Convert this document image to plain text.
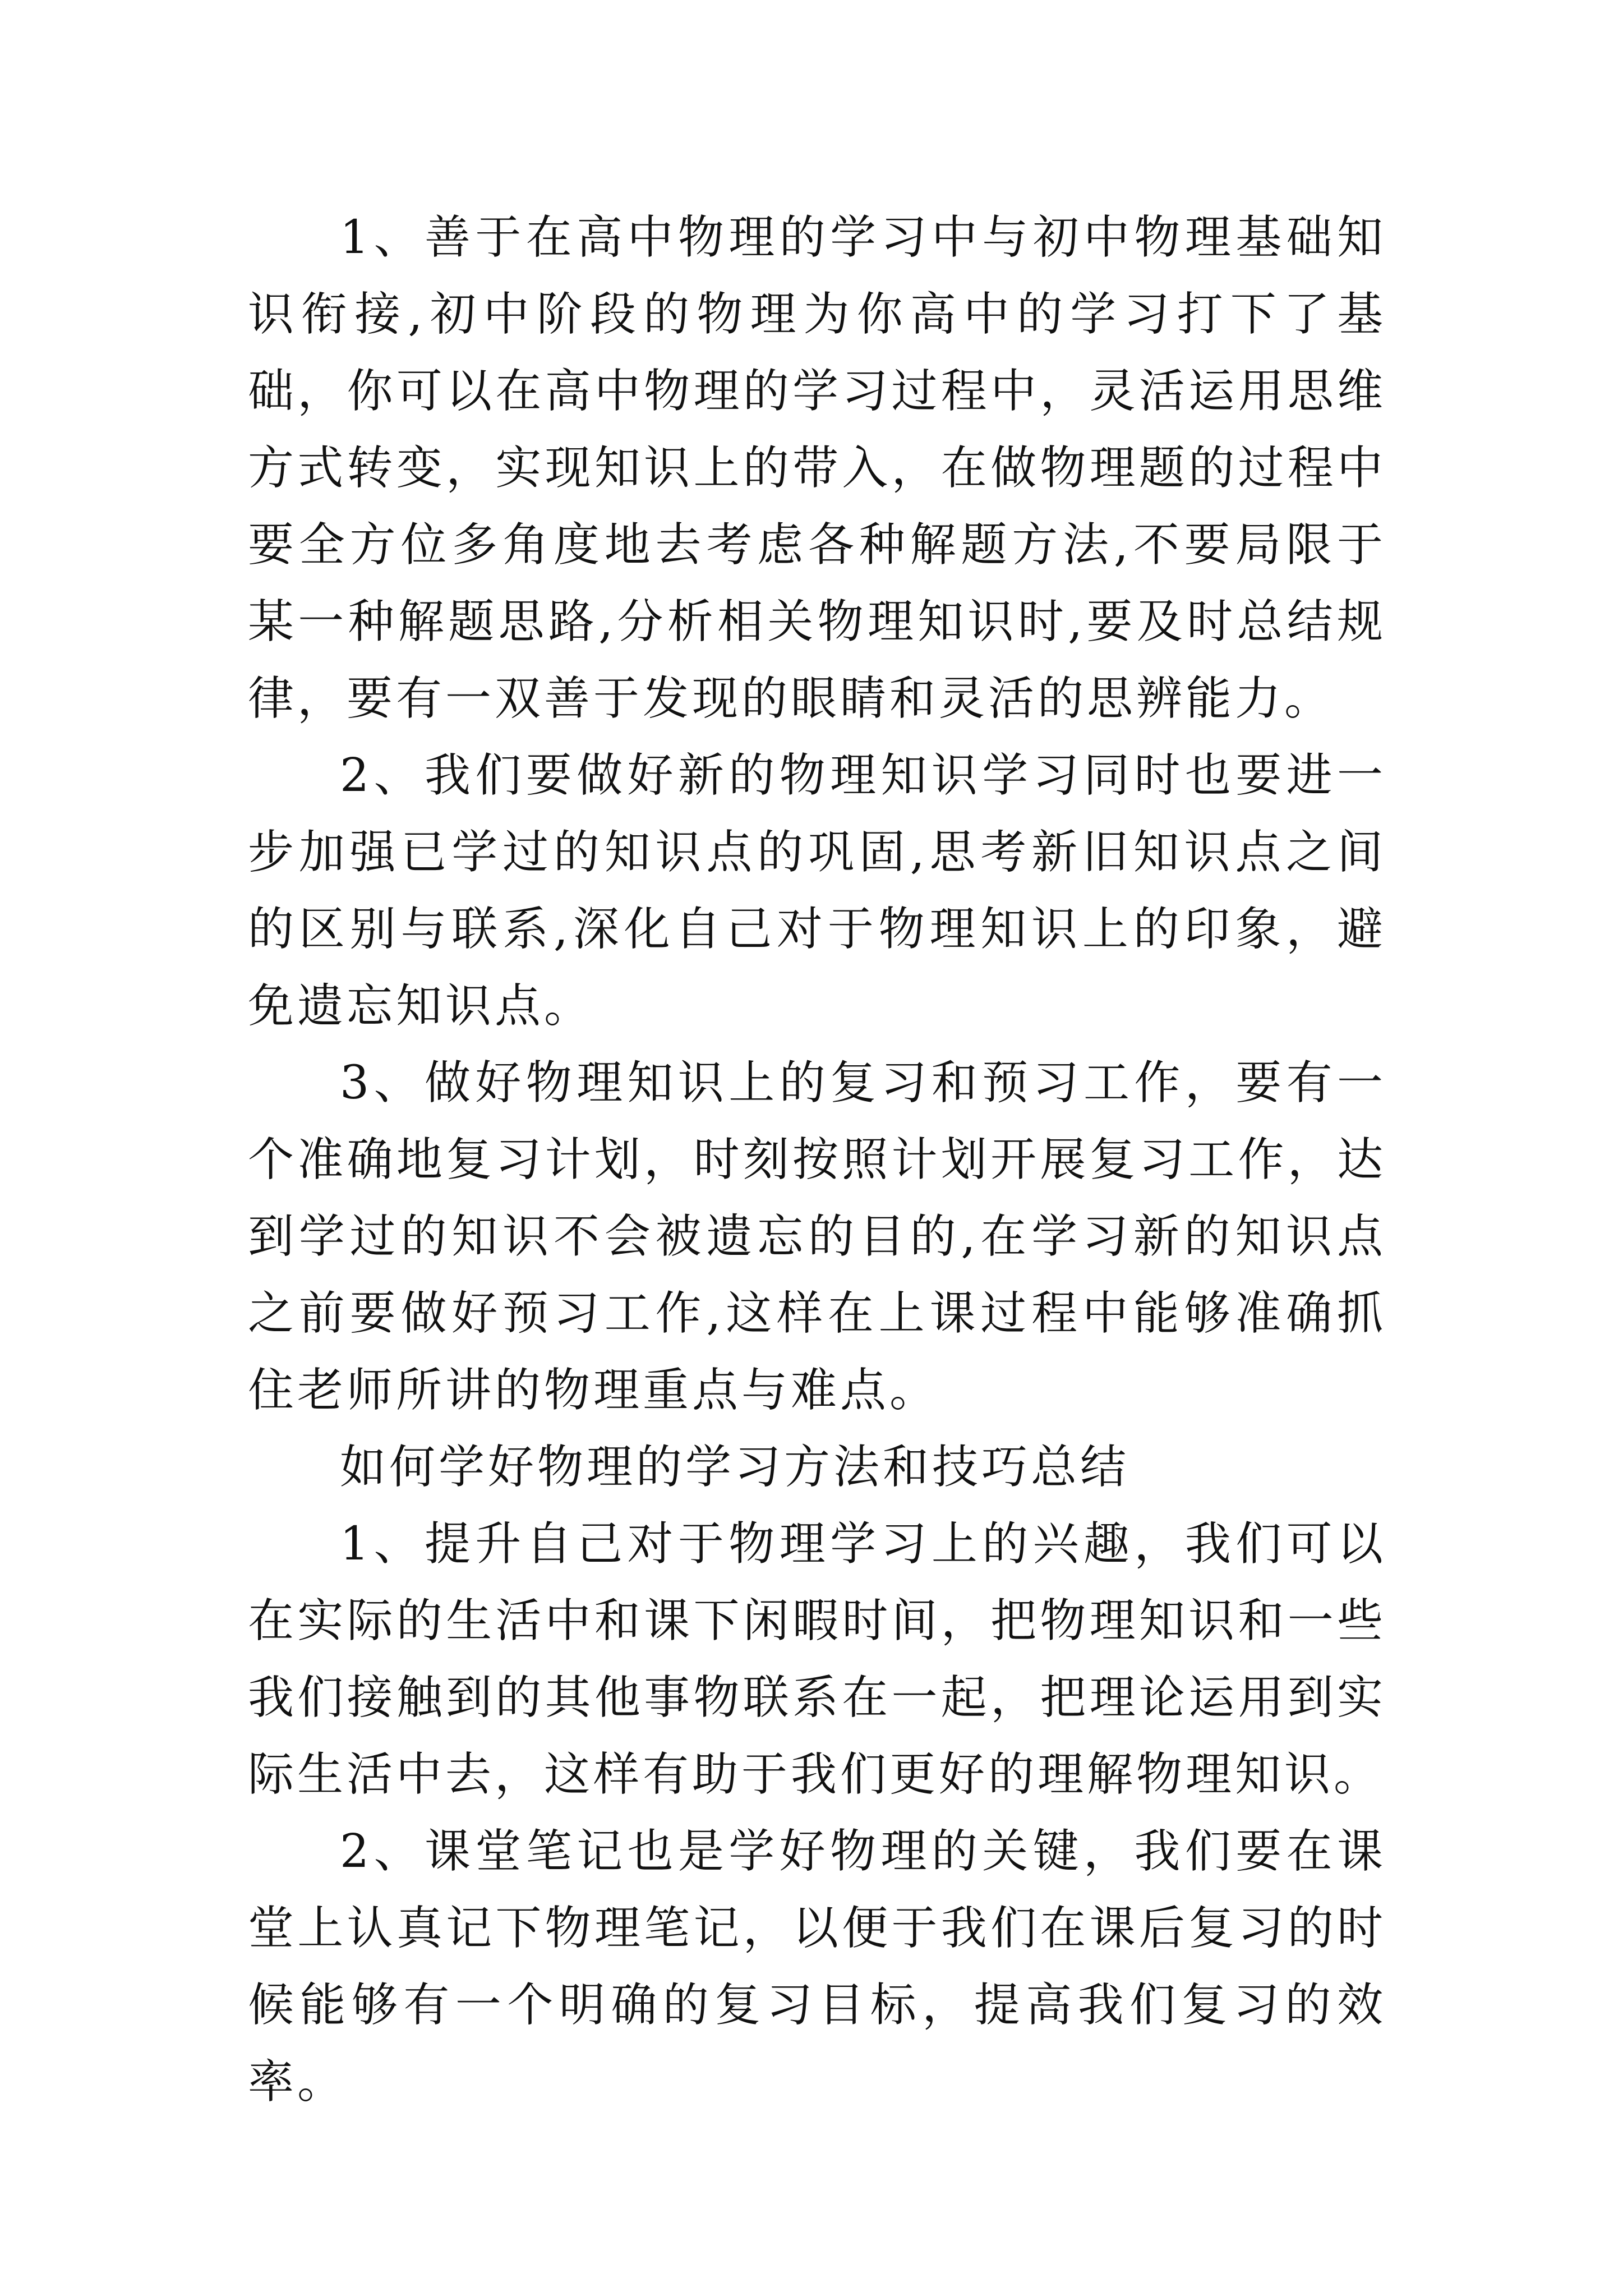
1、善于在高中物理的学习中与初中物理基础知识衔接,初中阶段的物理为你高中的学习打下了基础，你可以在高中物理的学习过程中，灵活运用思维方式转变，实现知识上的带入，在做物理题的过程中要全方位多角度地去考虑各种解题方法,不要局限于某一种解题思路,分析相关物理知识时,要及时总结规律，要有一双善于发现的眼睛和灵活的思辨能力。

2、我们要做好新的物理知识学习同时也要进一步加强已学过的知识点的巩固,思考新旧知识点之间的区别与联系,深化自己对于物理知识上的印象，避免遗忘知识点。

3、做好物理知识上的复习和预习工作，要有一个准确地复习计划，时刻按照计划开展复习工作，达到学过的知识不会被遗忘的目的,在学习新的知识点之前要做好预习工作,这样在上课过程中能够准确抓住老师所讲的物理重点与难点。

如何学好物理的学习方法和技巧总结

1、提升自己对于物理学习上的兴趣，我们可以在实际的生活中和课下闲暇时间，把物理知识和一些我们接触到的其他事物联系在一起，把理论运用到实际生活中去，这样有助于我们更好的理解物理知识。

2、课堂笔记也是学好物理的关键，我们要在课堂上认真记下物理笔记，以便于我们在课后复习的时候能够有一个明确的复习目标，提高我们复习的效率。
